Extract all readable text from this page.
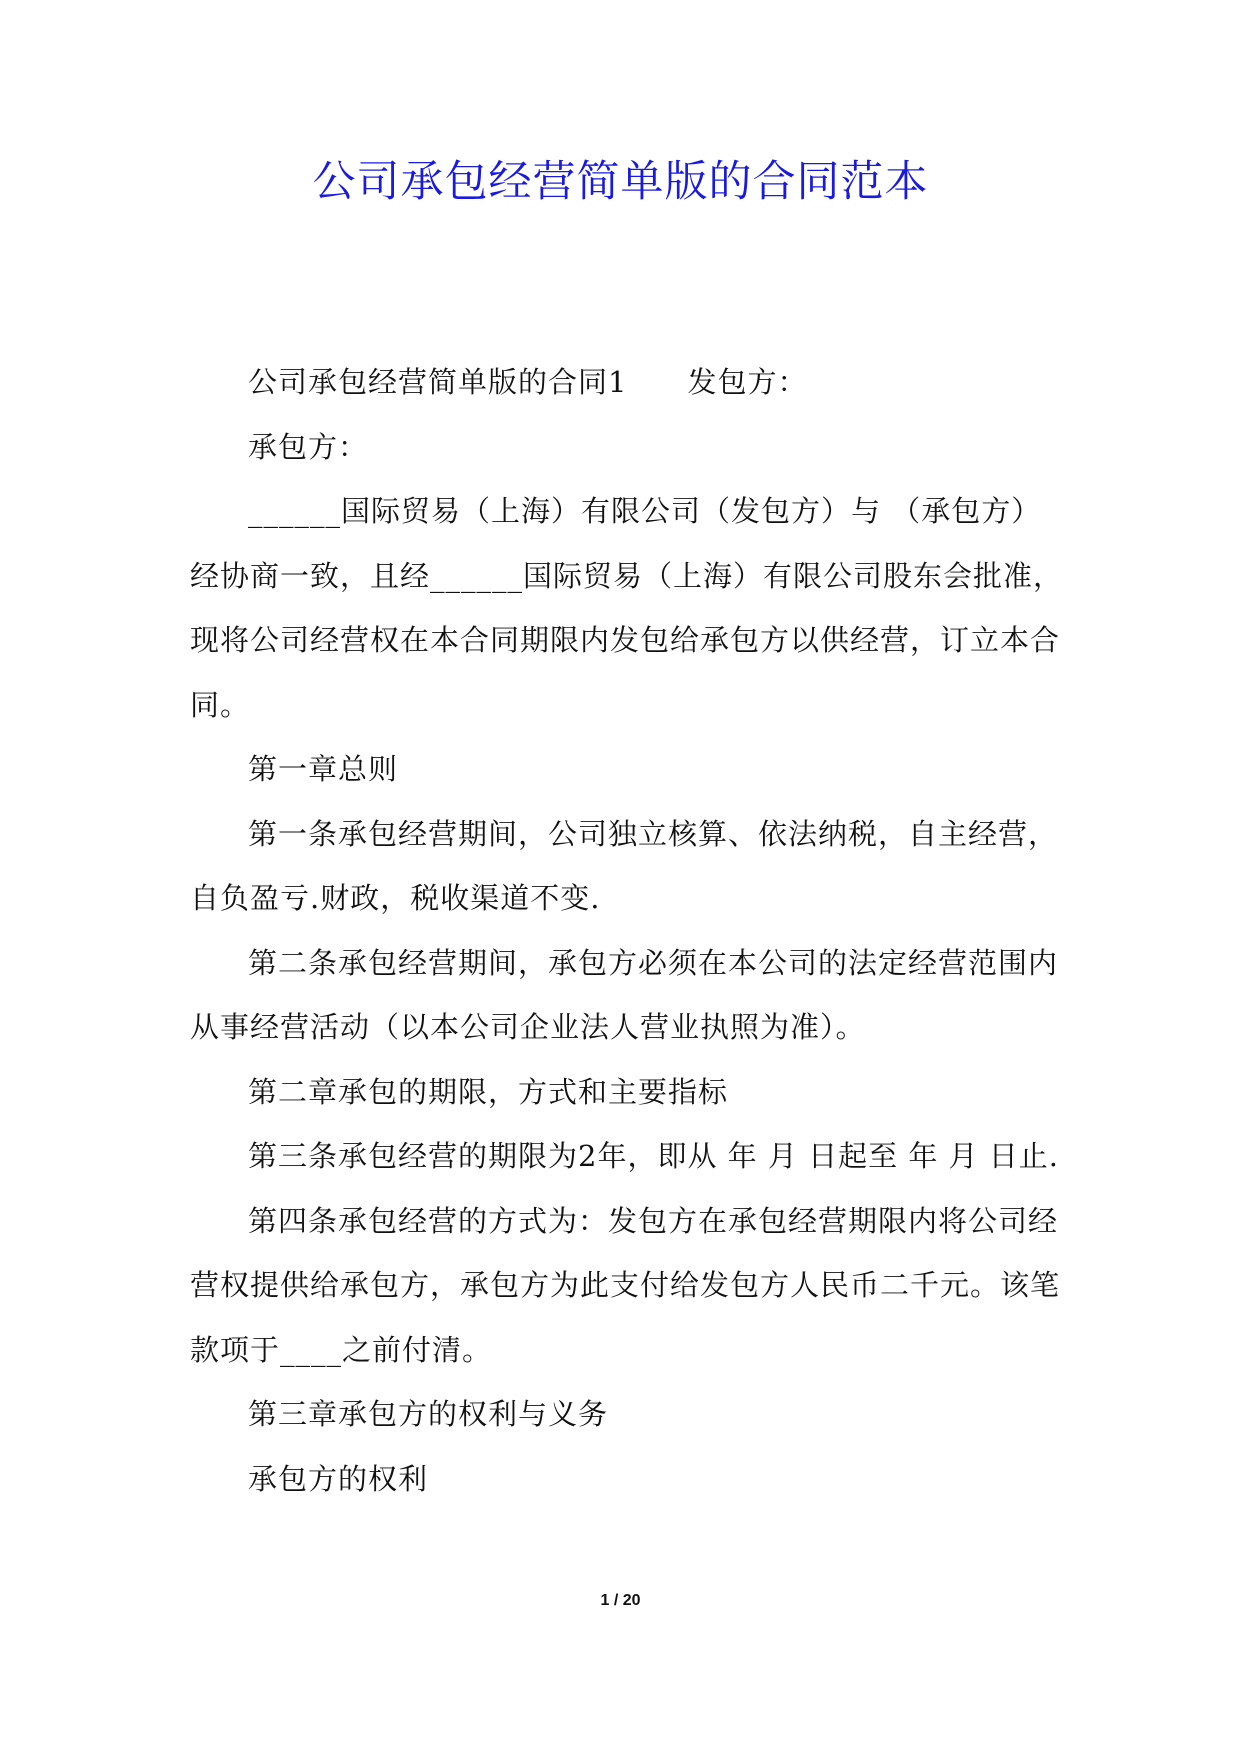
公司承包经营简单版的合同范本

公司承包经营简单版的合同1　　发包方：

承包方：

______国际贸易（上海）有限公司（发包方）与 （承包方）经协商一致，且经______国际贸易（上海）有限公司股东会批准，现将公司经营权在本合同期限内发包给承包方以供经营，订立本合同。

第一章总则

第一条承包经营期间，公司独立核算、依法纳税，自主经营，自负盈亏.财政，税收渠道不变.

第二条承包经营期间，承包方必须在本公司的法定经营范围内从事经营活动（以本公司企业法人营业执照为准）。

第二章承包的期限，方式和主要指标

第三条承包经营的期限为2年，即从 年 月 日起至 年 月 日止.

第四条承包经营的方式为：发包方在承包经营期限内将公司经营权提供给承包方，承包方为此支付给发包方人民币二千元。该笔款项于____之前付清。

第三章承包方的权利与义务

承包方的权利

1 / 20
